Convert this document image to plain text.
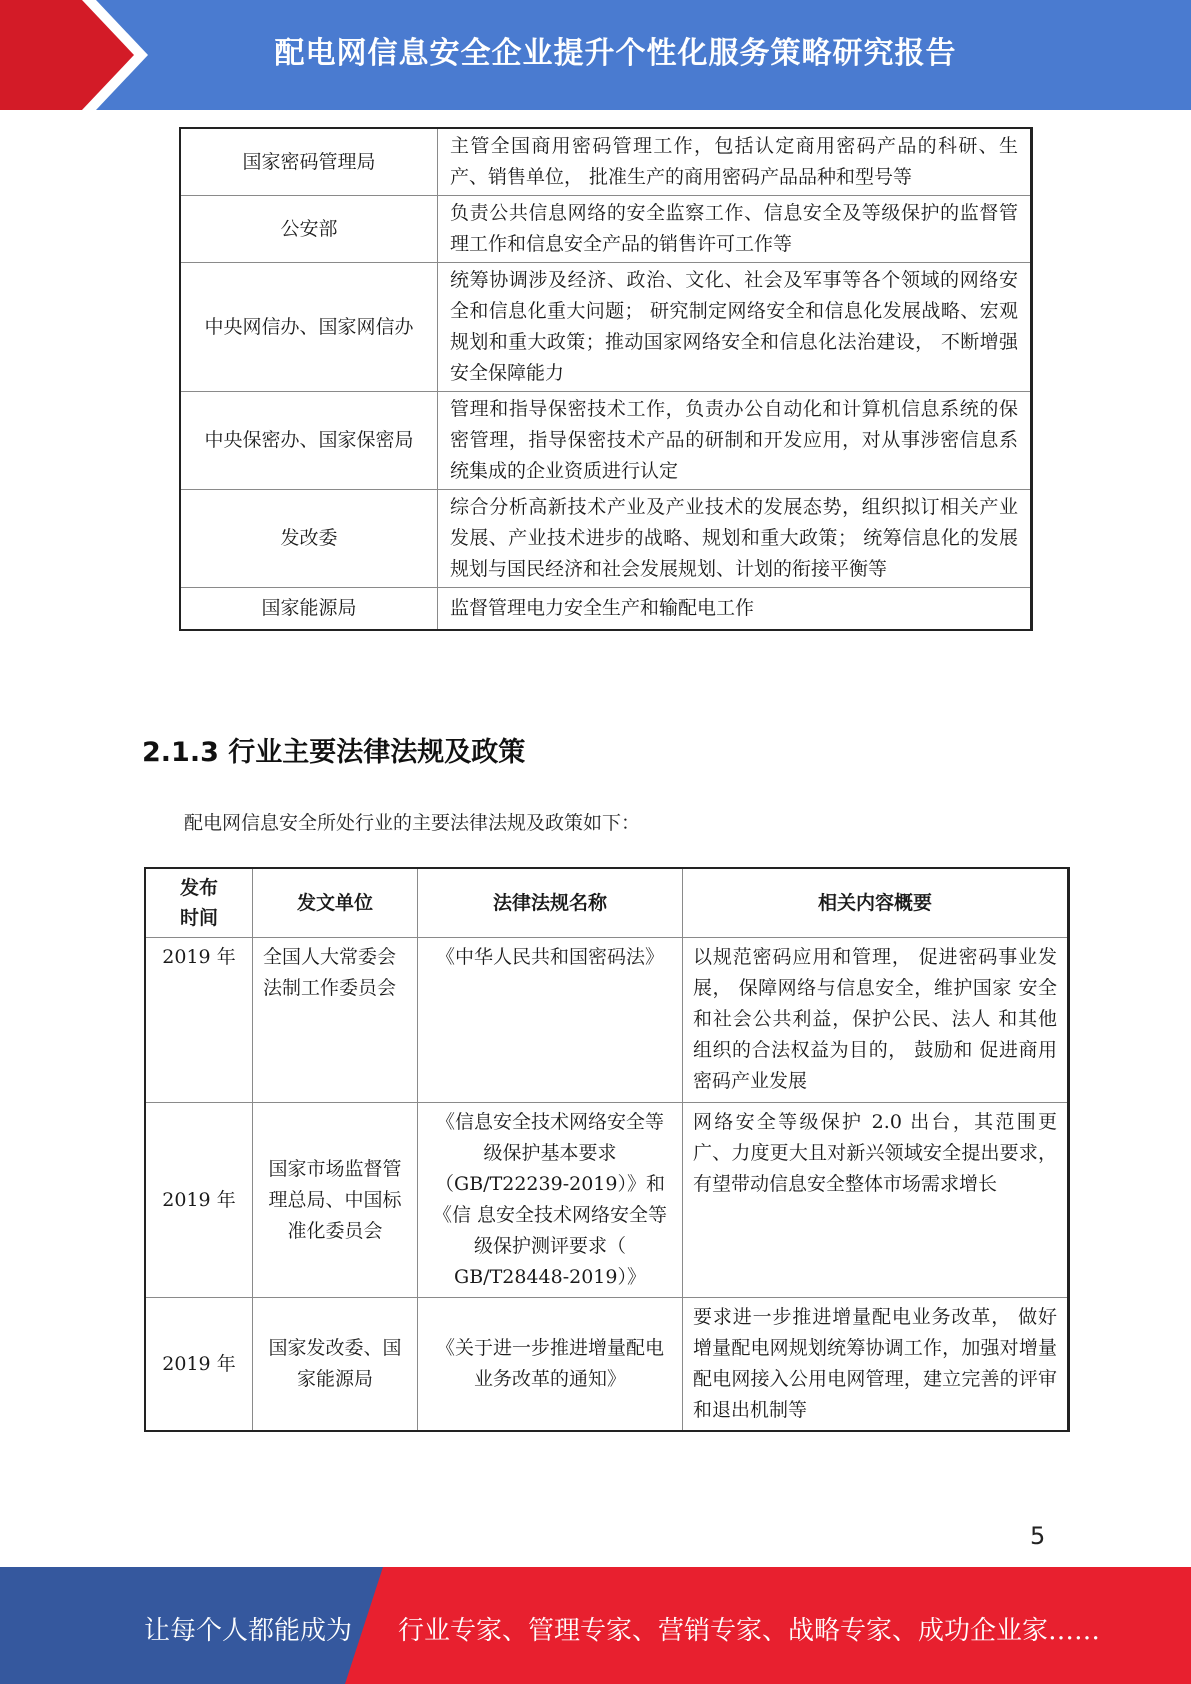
配电网信息安全企业提升个性化服务策略研究报告
国家密码管理局	主管全国商用密码管理工作，包括认定商用密码产品的科研、生产、销售单位， 批准生产的商用密码产品品种和型号等
公安部	负责公共信息网络的安全监察工作、信息安全及等级保护的监督管理工作和信息安全产品的销售许可工作等
中央网信办、国家网信办	统筹协调涉及经济、政治、文化、社会及军事等各个领域的网络安全和信息化重大问题； 研究制定网络安全和信息化发展战略、宏观规划和重大政策；推动国家网络安全和信息化法治建设， 不断增强安全保障能力
中央保密办、国家保密局	管理和指导保密技术工作，负责办公自动化和计算机信息系统的保密管理，指导保密技术产品的研制和开发应用，对从事涉密信息系统集成的企业资质进行认定
发改委	综合分析高新技术产业及产业技术的发展态势，组织拟订相关产业发展、产业技术进步的战略、规划和重大政策； 统筹信息化的发展规划与国民经济和社会发展规划、计划的衔接平衡等
国家能源局	监督管理电力安全生产和输配电工作
2.1.3 行业主要法律法规及政策
配电网信息安全所处行业的主要法律法规及政策如下：
发布
时间	发文单位	法律法规名称	相关内容概要
2019 年	全国人大常委会法制工作委员会	《中华人民共和国密码法》	以规范密码应用和管理， 促进密码事业发展， 保障网络与信息安全，维护国家 安全和社会公共利益，保护公民、法人 和其他组织的合法权益为目的， 鼓励和 促进商用密码产业发展
2019 年	国家市场监督管理总局、中国标准化委员会	《信息安全技术网络安全等级保护基本要求（GB/T22239-2019）》和《信 息安全技术网络安全等级保护测评要求（ GB/T28448-2019）》	网络安全等级保护 2.0 出台，其范围更广、力度更大且对新兴领域安全提出要求，有望带动信息安全整体市场需求增长
2019 年	国家发改委、国家能源局	《关于进一步推进增量配电业务改革的通知》	要求进一步推进增量配电业务改革， 做好增量配电网规划统筹协调工作，加强对增量配电网接入公用电网管理，建立完善的评审和退出机制等
5
让每个人都能成为 行业专家、管理专家、营销专家、战略专家、成功企业家……
